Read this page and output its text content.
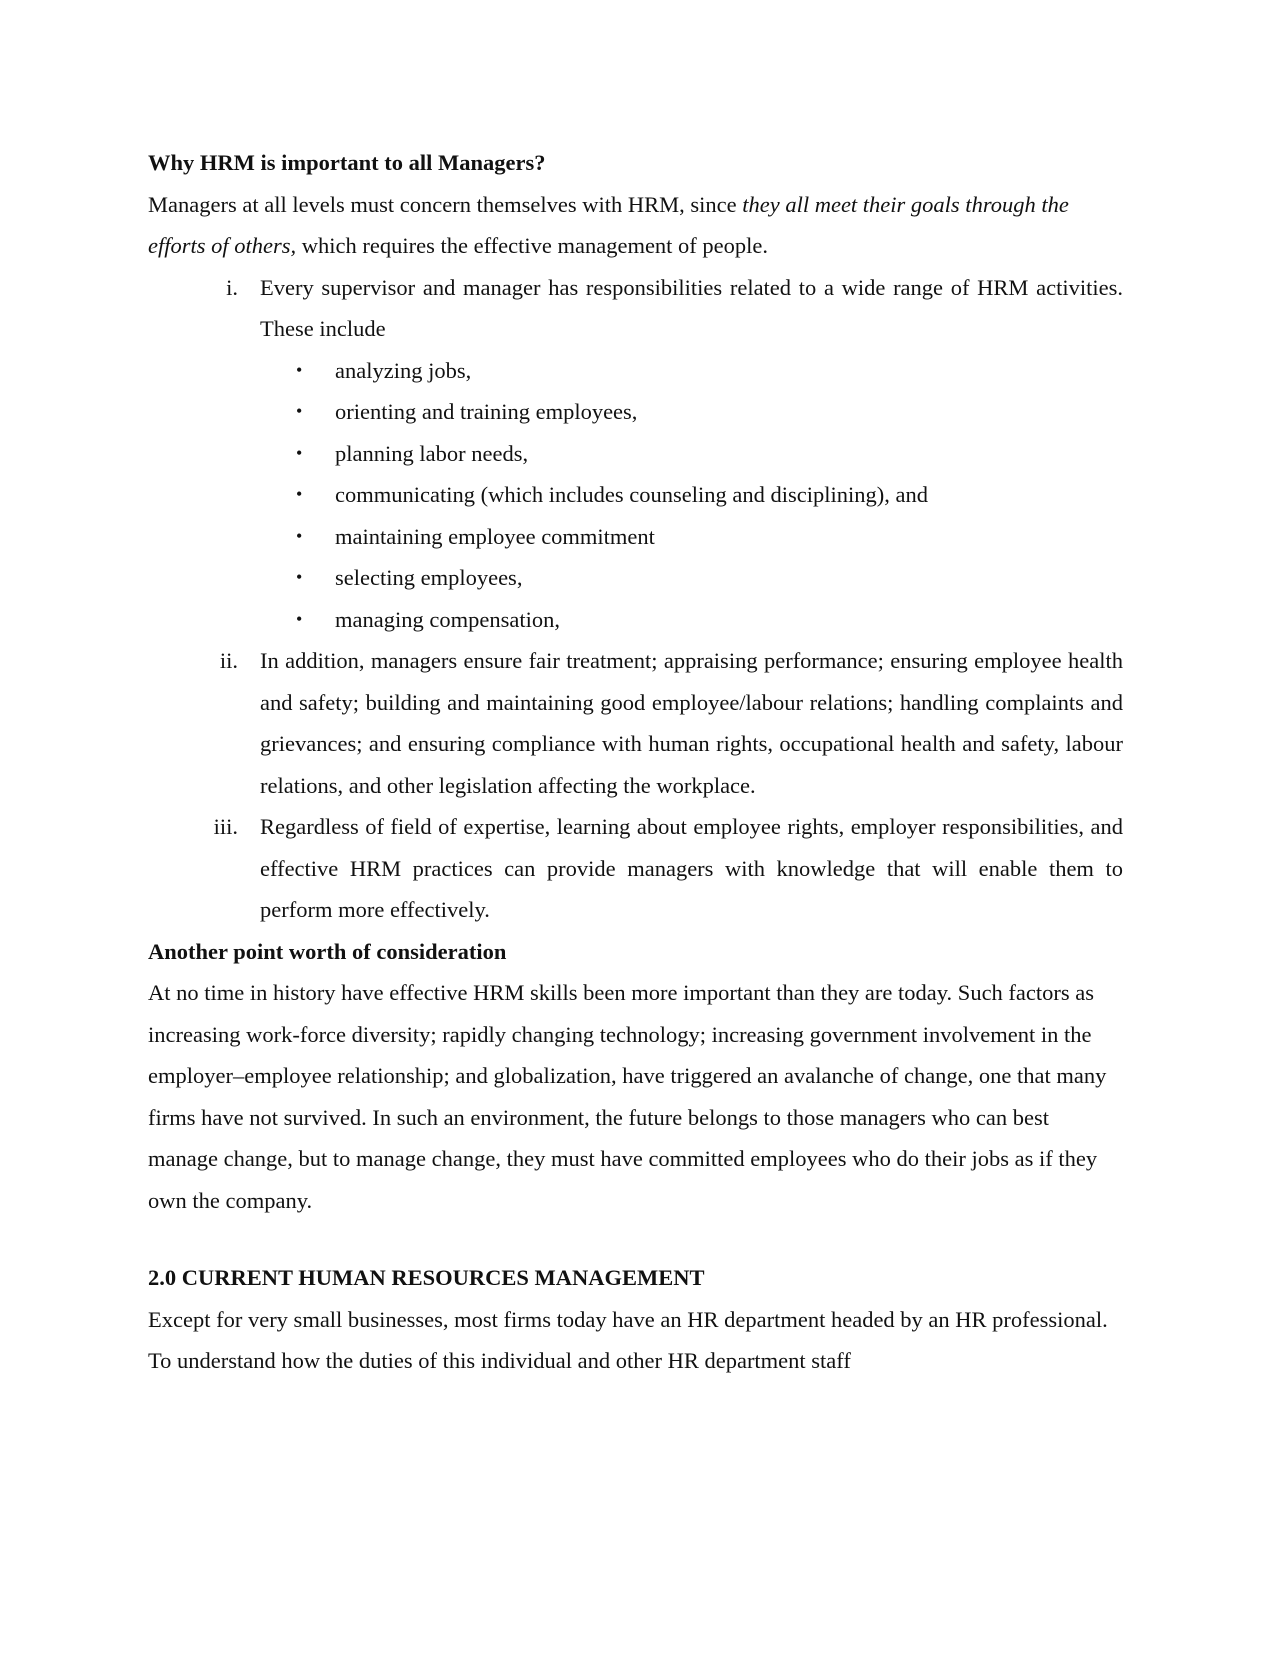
Why HRM is important to all Managers?

Managers at all levels must concern themselves with HRM, since they all meet their goals through the efforts of others, which requires the effective management of people.

i. Every supervisor and manager has responsibilities related to a wide range of HRM activities. These include
• analyzing jobs,
• orienting and training employees,
• planning labor needs,
• communicating (which includes counseling and disciplining), and
• maintaining employee commitment
• selecting employees,
• managing compensation,
ii. In addition, managers ensure fair treatment; appraising performance; ensuring employee health and safety; building and maintaining good employee/labour relations; handling complaints and grievances; and ensuring compliance with human rights, occupational health and safety, labour relations, and other legislation affecting the workplace.
iii. Regardless of field of expertise, learning about employee rights, employer responsibilities, and effective HRM practices can provide managers with knowledge that will enable them to perform more effectively.

Another point worth of consideration

At no time in history have effective HRM skills been more important than they are today. Such factors as increasing work-force diversity; rapidly changing technology; increasing government involvement in the employer–employee relationship; and globalization, have triggered an avalanche of change, one that many firms have not survived. In such an environment, the future belongs to those managers who can best manage change, but to manage change, they must have committed employees who do their jobs as if they own the company.

2.0 CURRENT HUMAN RESOURCES MANAGEMENT

Except for very small businesses, most firms today have an HR department headed by an HR professional. To understand how the duties of this individual and other HR department staff
